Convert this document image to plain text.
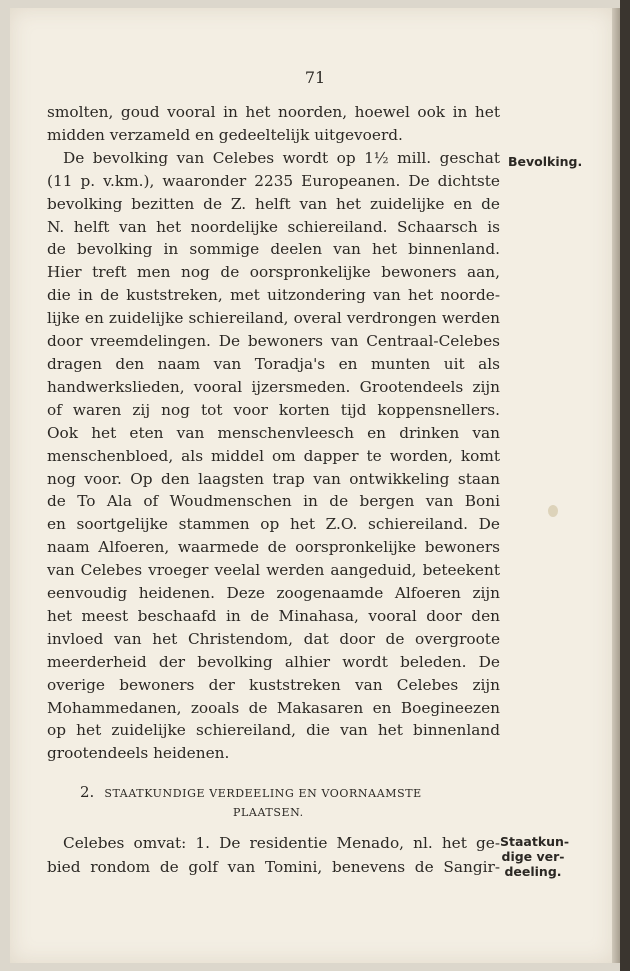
71
smolten, goud vooral in het noorden, hoewel ook in het
midden verzameld en gedeeltelijk uitgevoerd.
De bevolking van Celebes wordt op 1½ mill. geschat
(11 p. v.km.), waaronder 2235 Europeanen. De dichtste
bevolking bezitten de Z. helft van het zuidelijke en de
N. helft van het noordelijke schiereiland. Schaarsch is
de bevolking in sommige deelen van het binnenland.
Hier treft men nog de oorspronkelijke bewoners aan,
die in de kuststreken, met uitzondering van het noorde-
lijke en zuidelijke schiereiland, overal verdrongen werden
door vreemdelingen. De bewoners van Centraal-Celebes
dragen den naam van Toradja's en munten uit als
handwerkslieden, vooral ijzersmeden. Grootendeels zijn
of waren zij nog tot voor korten tijd koppensnellers.
Ook het eten van menschenvleesch en drinken van
menschenbloed, als middel om dapper te worden, komt
nog voor. Op den laagsten trap van ontwikkeling staan
de To Ala of Woudmenschen in de bergen van Boni
en soortgelijke stammen op het Z.O. schiereiland. De
naam Alfoeren, waarmede de oorspronkelijke bewoners
van Celebes vroeger veelal werden aangeduid, beteekent
eenvoudig heidenen. Deze zoogenaamde Alfoeren zijn
het meest beschaafd in de Minahasa, vooral door den
invloed van het Christendom, dat door de overgroote
meerderheid der bevolking alhier wordt beleden. De
overige bewoners der kuststreken van Celebes zijn
Mohammedanen, zooals de Makasaren en Boegineezen
op het zuidelijke schiereiland, die van het binnenland
grootendeels heidenen.
Bevolking.
2. STAATKUNDIGE VERDEELING EN VOORNAAMSTE
PLAATSEN.
Celebes omvat: 1. De residentie Menado, nl. het ge-
bied rondom de golf van Tomini, benevens de Sangir-
Staatkun-
dige ver-
deeling.
